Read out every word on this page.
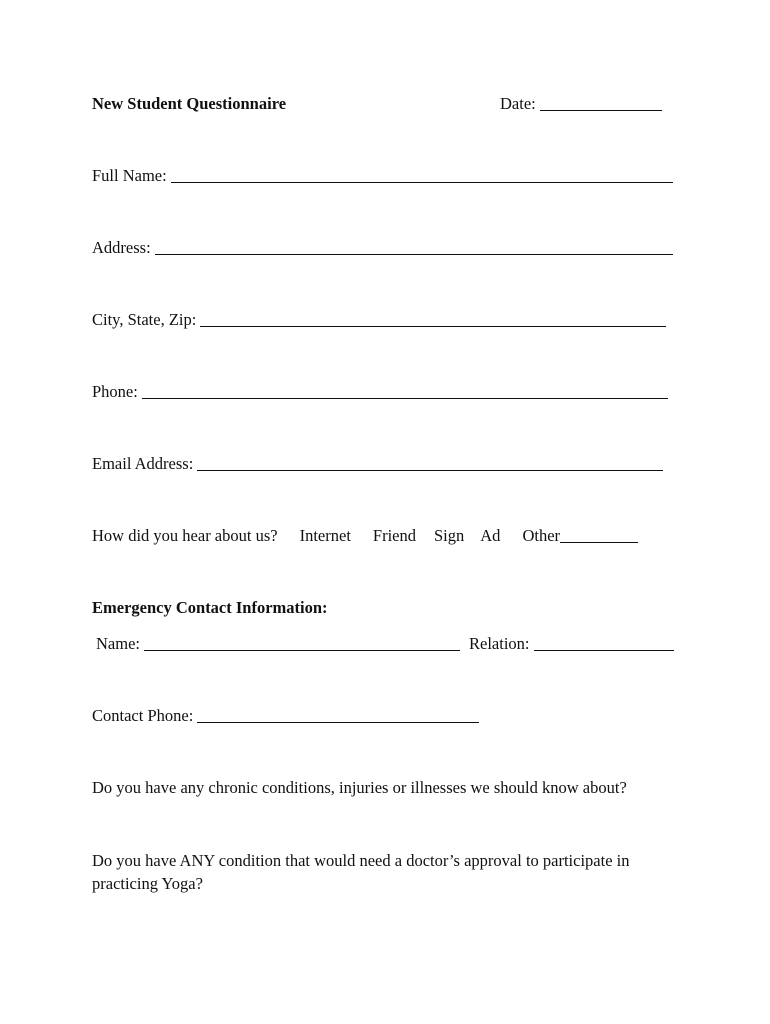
New Student Questionnaire	Date:
Full Name:
Address:
City, State, Zip:
Phone:
Email Address:
How did you hear about us? Internet Friend Sign Ad Other
Emergency Contact Information:
Name:	Relation:
Contact Phone:
Do you have any chronic conditions, injuries or illnesses we should know about?
Do you have ANY condition that would need a doctor’s approval to participate in practicing Yoga?
